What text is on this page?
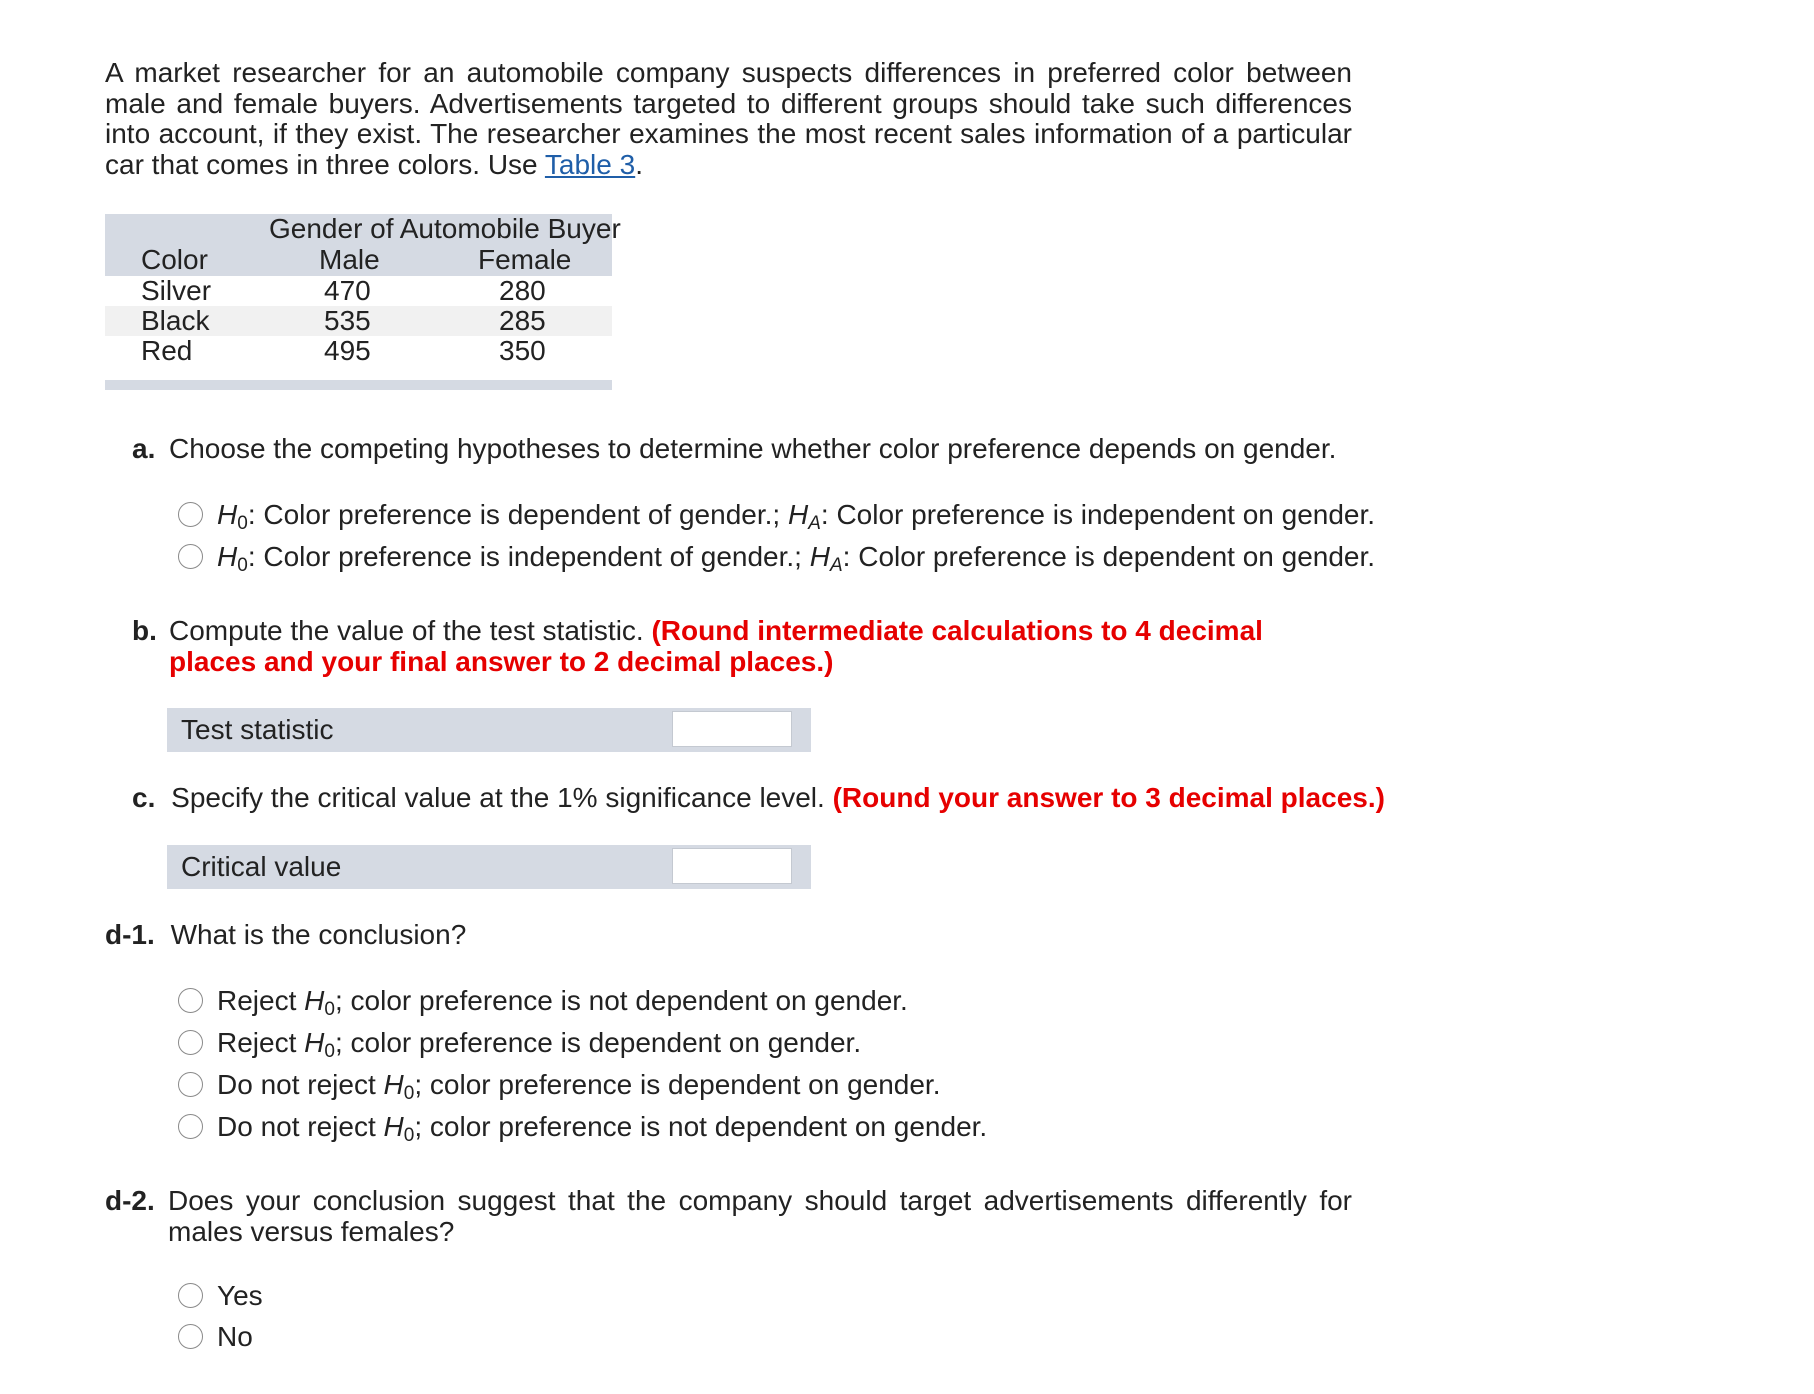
A market researcher for an automobile company suspects differences in preferred color between male and female buyers. Advertisements targeted to different groups should take such differences into account, if they exist. The researcher examines the most recent sales information of a particular car that comes in three colors. Use Table 3.
Gender of Automobile Buyer
Color	Male	Female
Silver	470	280
Black	535	285
Red	495	350
a. Choose the competing hypotheses to determine whether color preference depends on gender.
$H_0$: Color preference is dependent of gender.; $H_A$: Color preference is independent on gender.
$H_0$: Color preference is independent of gender.; $H_A$: Color preference is dependent on gender.
b. Compute the value of the test statistic. (Round intermediate calculations to 4 decimal places and your final answer to 2 decimal places.)
Test statistic
c. Specify the critical value at the 1% significance level. (Round your answer to 3 decimal places.)
Critical value
d-1. What is the conclusion?
Reject $H_0$; color preference is not dependent on gender.
Reject $H_0$; color preference is dependent on gender.
Do not reject $H_0$; color preference is dependent on gender.
Do not reject $H_0$; color preference is not dependent on gender.
d-2. Does your conclusion suggest that the company should target advertisements differently for males versus females?
Yes
No
